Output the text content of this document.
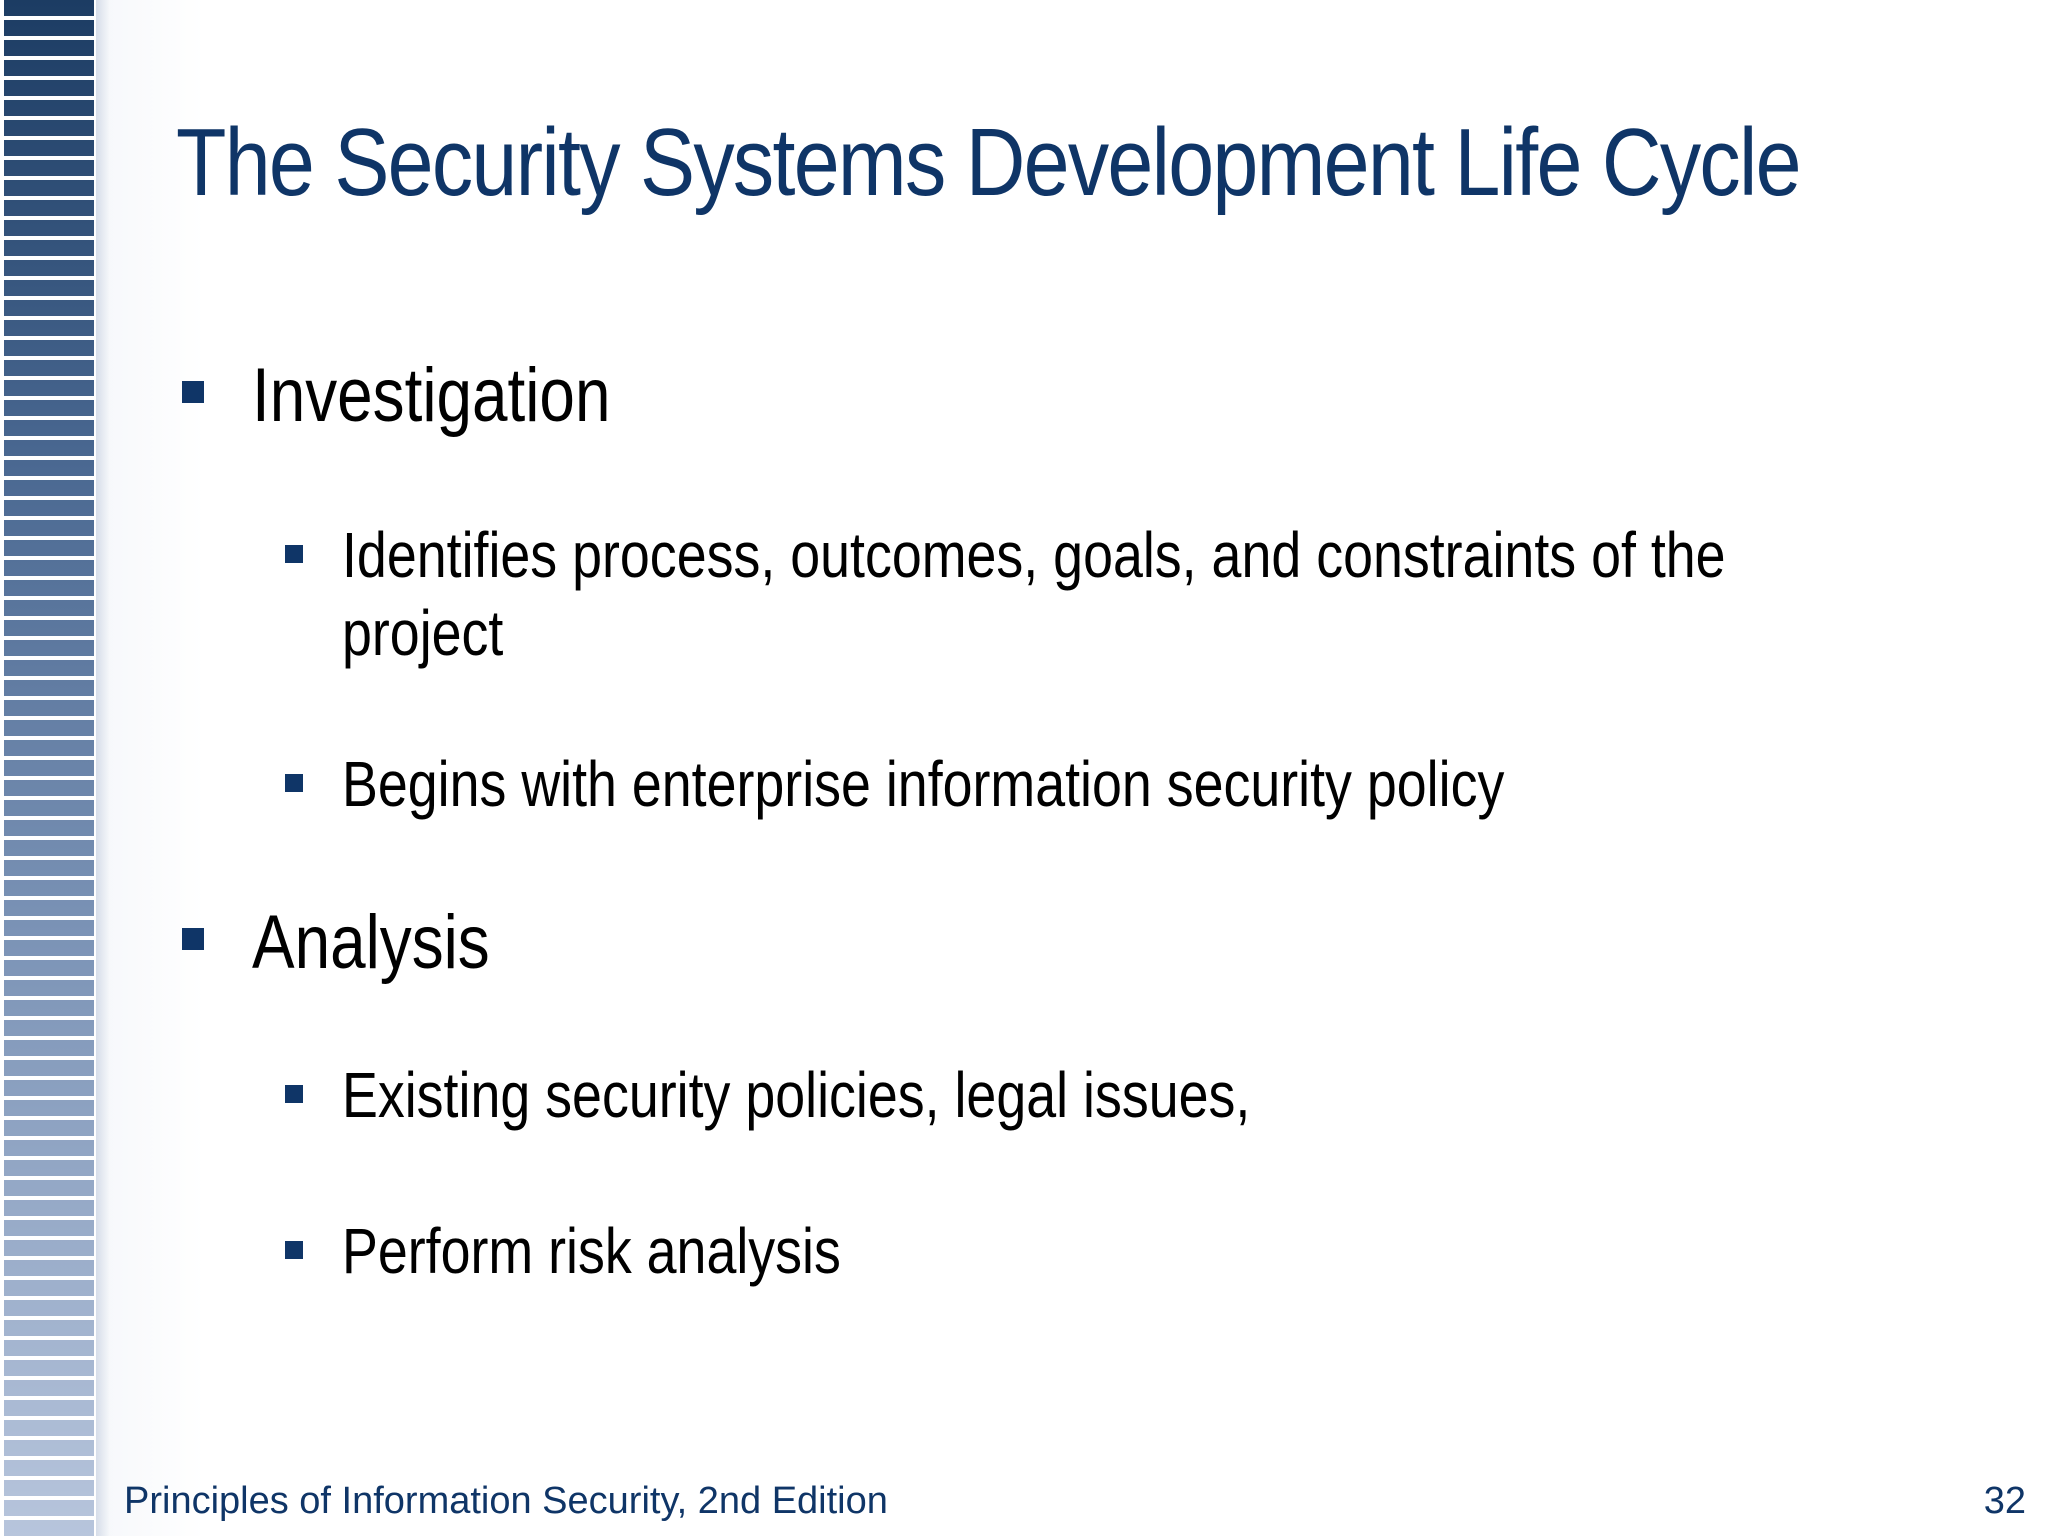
The Security Systems Development Life Cycle
Investigation
Identifies process, outcomes, goals, and constraints of the
project
Begins with enterprise information security policy
Analysis
Existing security policies, legal issues,
Perform risk analysis
Principles of Information Security, 2nd Edition	32
